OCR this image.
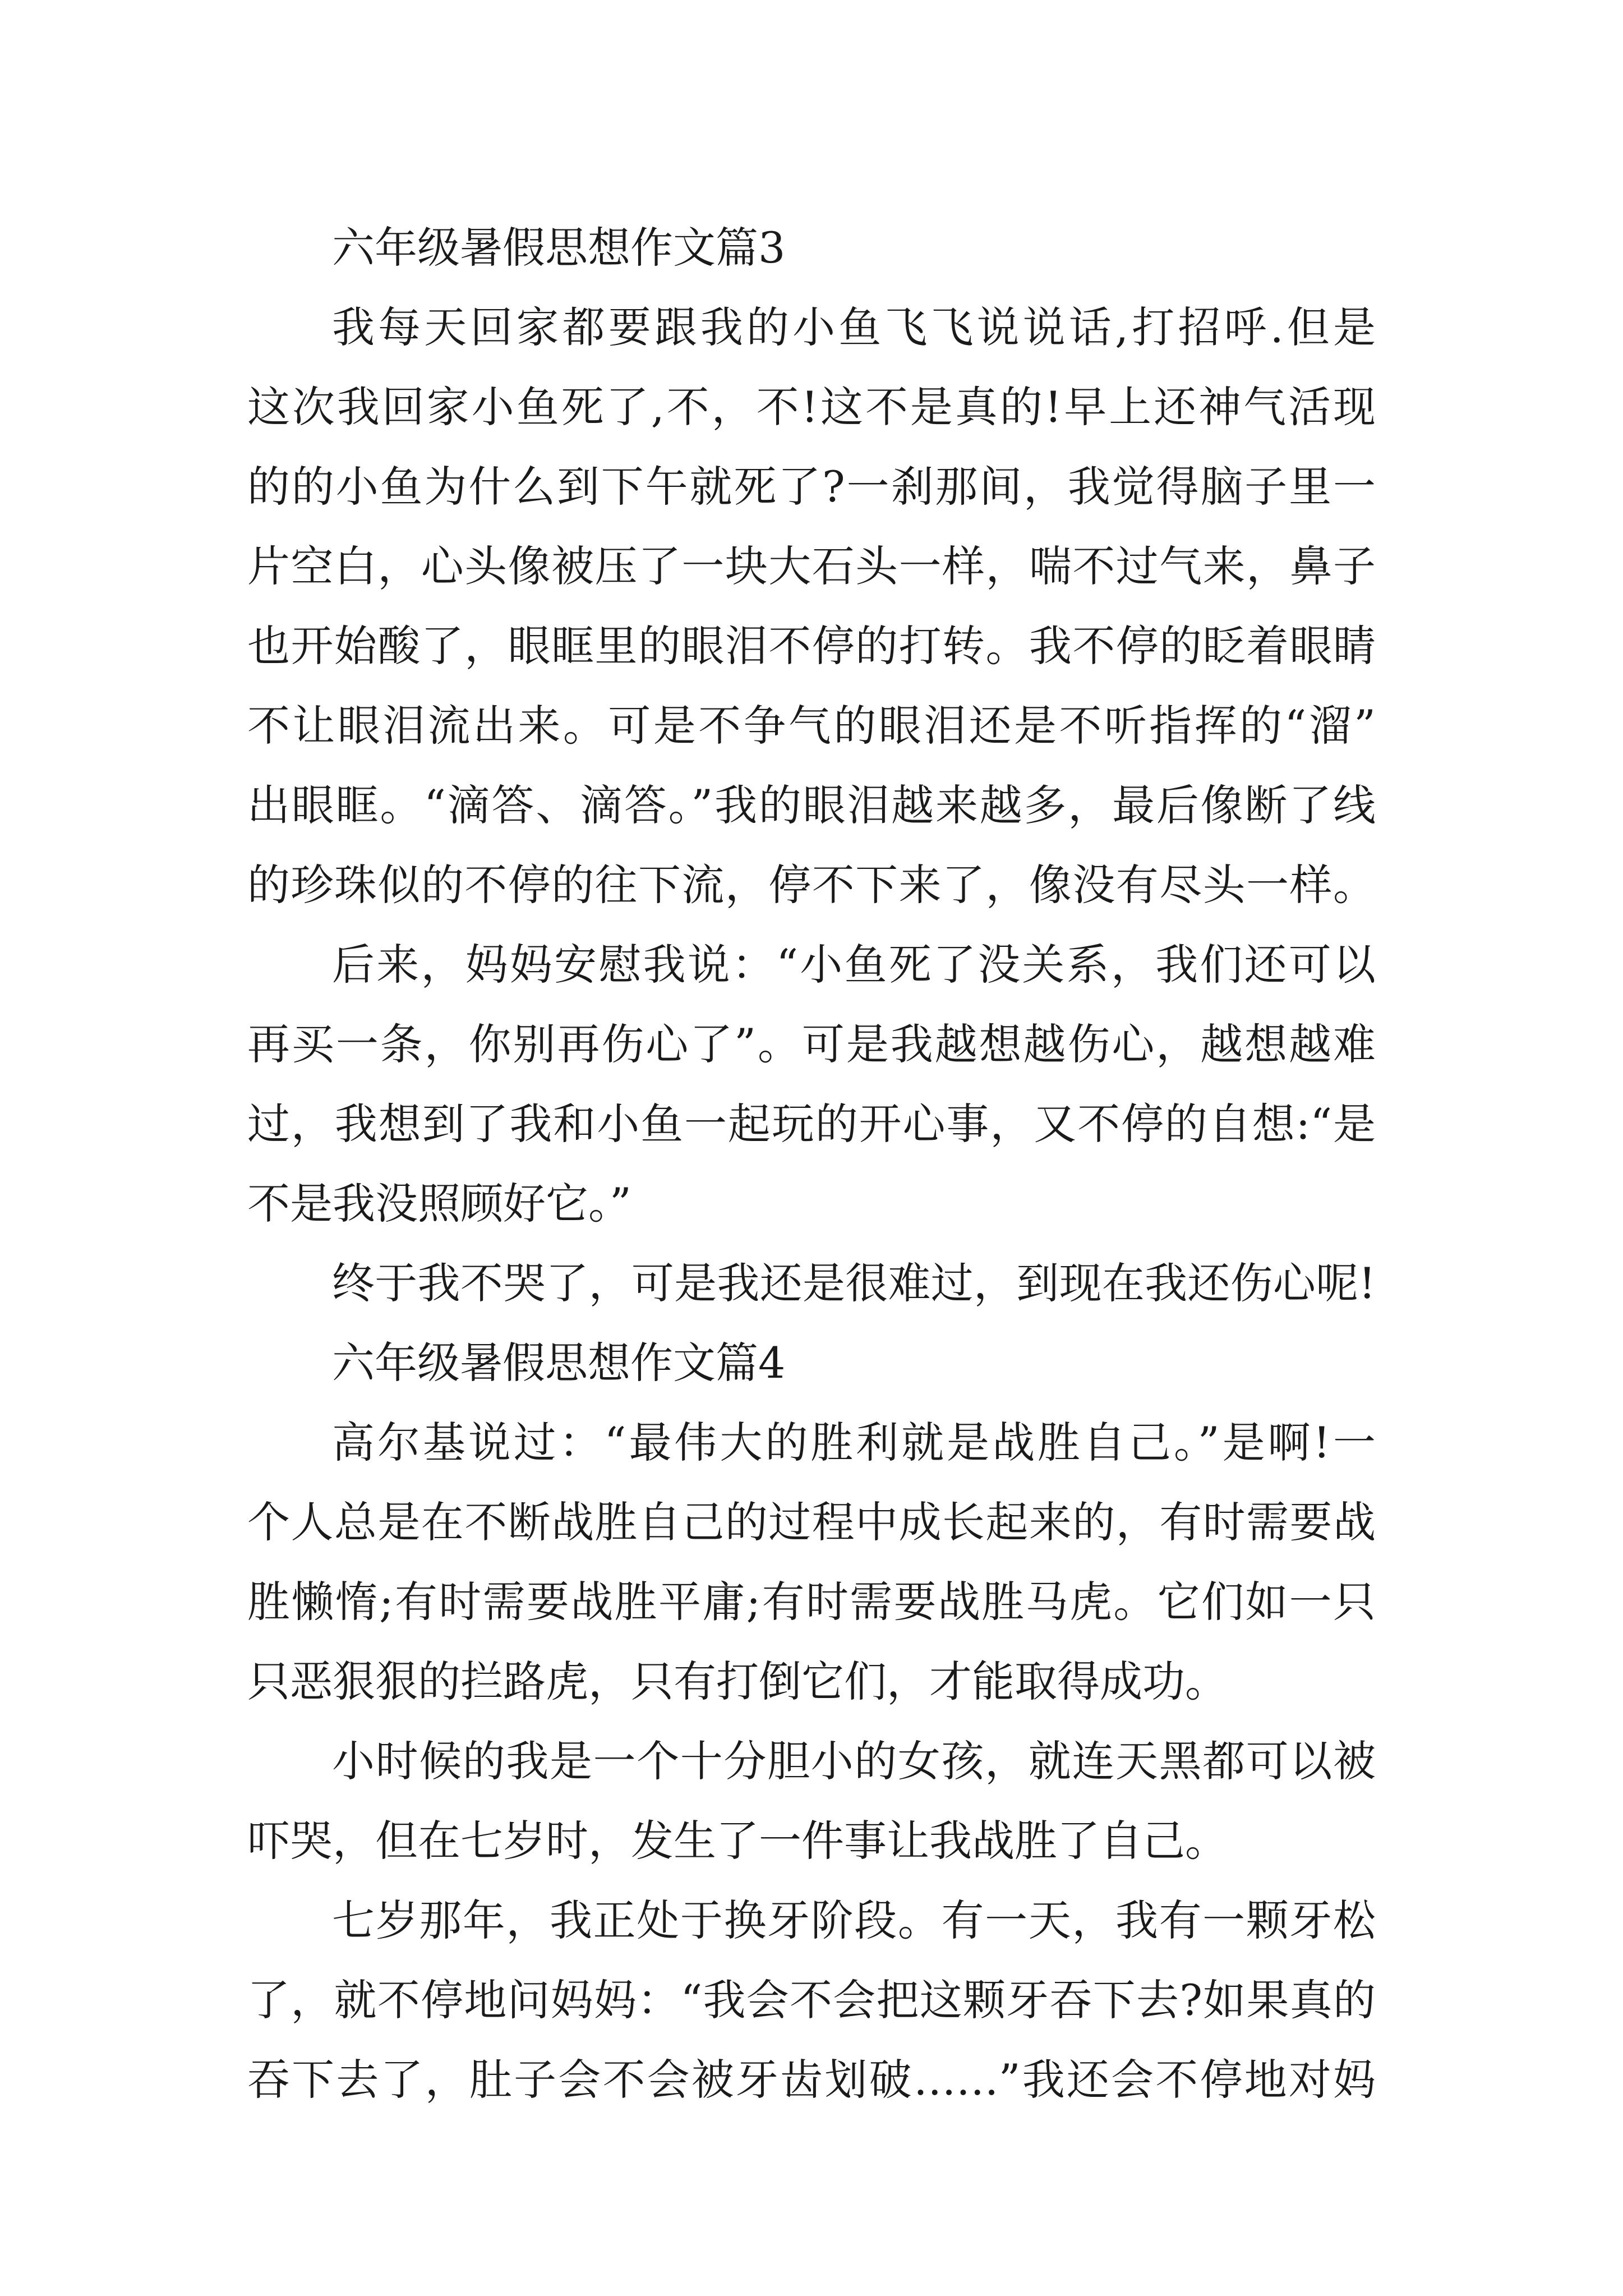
六年级暑假思想作文篇3

我每天回家都要跟我的小鱼飞飞说说话,打招呼.但是

这次我回家小鱼死了,不，不!这不是真的!早上还神气活现

的的小鱼为什么到下午就死了?一刹那间，我觉得脑子里一

片空白，心头像被压了一块大石头一样，喘不过气来，鼻子

也开始酸了，眼眶里的眼泪不停的打转。我不停的眨着眼睛

不让眼泪流出来。可是不争气的眼泪还是不听指挥的“溜”

出眼眶。“滴答、滴答。”我的眼泪越来越多，最后像断了线

的珍珠似的不停的往下流，停不下来了，像没有尽头一样。

后来，妈妈安慰我说：“小鱼死了没关系，我们还可以

再买一条，你别再伤心了”。可是我越想越伤心，越想越难

过，我想到了我和小鱼一起玩的开心事，又不停的自想:“是

不是我没照顾好它。”

终于我不哭了，可是我还是很难过，到现在我还伤心呢!

六年级暑假思想作文篇4

高尔基说过：“最伟大的胜利就是战胜自己。”是啊!一

个人总是在不断战胜自己的过程中成长起来的，有时需要战

胜懒惰;有时需要战胜平庸;有时需要战胜马虎。它们如一只

只恶狠狠的拦路虎，只有打倒它们，才能取得成功。

小时候的我是一个十分胆小的女孩，就连天黑都可以被

吓哭，但在七岁时，发生了一件事让我战胜了自己。

七岁那年，我正处于换牙阶段。有一天，我有一颗牙松

了，就不停地问妈妈：“我会不会把这颗牙吞下去?如果真的

吞下去了，肚子会不会被牙齿划破……”我还会不停地对妈
